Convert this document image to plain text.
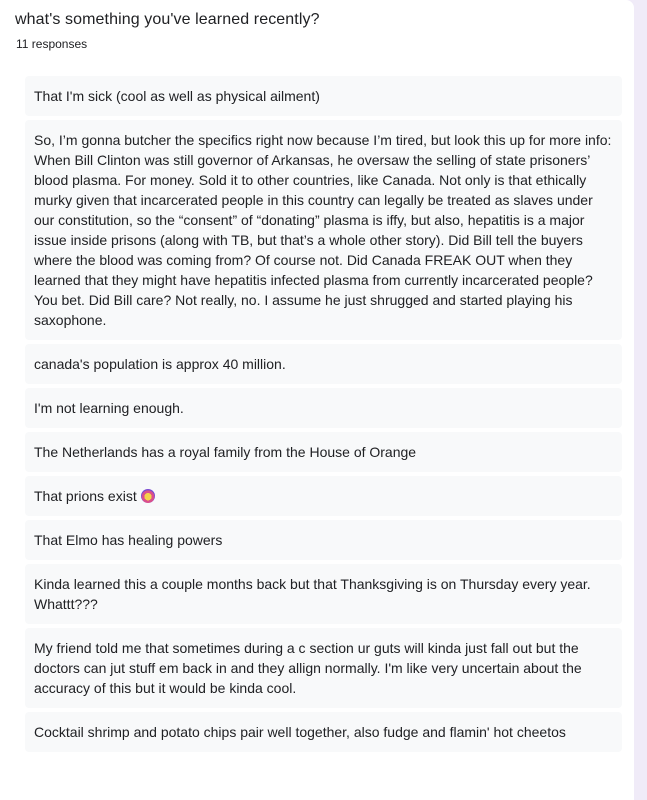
what's something you've learned recently?
11 responses
That I'm sick (cool as well as physical ailment)
So, I’m gonna butcher the specifics right now because I’m tired, but look this up for more info: When Bill Clinton was still governor of Arkansas, he oversaw the selling of state prisoners’ blood plasma. For money. Sold it to other countries, like Canada. Not only is that ethically murky given that incarcerated people in this country can legally be treated as slaves under our constitution, so the “consent” of “donating” plasma is iffy, but also, hepatitis is a major issue inside prisons (along with TB, but that’s a whole other story). Did Bill tell the buyers where the blood was coming from? Of course not. Did Canada FREAK OUT when they learned that they might have hepatitis infected plasma from currently incarcerated people? You bet. Did Bill care? Not really, no. I assume he just shrugged and started playing his saxophone.
canada's population is approx 40 million.
I'm not learning enough.
The Netherlands has a royal family from the House of Orange
That prions exist
That Elmo has healing powers
Kinda learned this a couple months back but that Thanksgiving is on Thursday every year. Whattt???
My friend told me that sometimes during a c section ur guts will kinda just fall out but the doctors can jut stuff em back in and they allign normally. I'm like very uncertain about the accuracy of this but it would be kinda cool.
Cocktail shrimp and potato chips pair well together, also fudge and flamin' hot cheetos
